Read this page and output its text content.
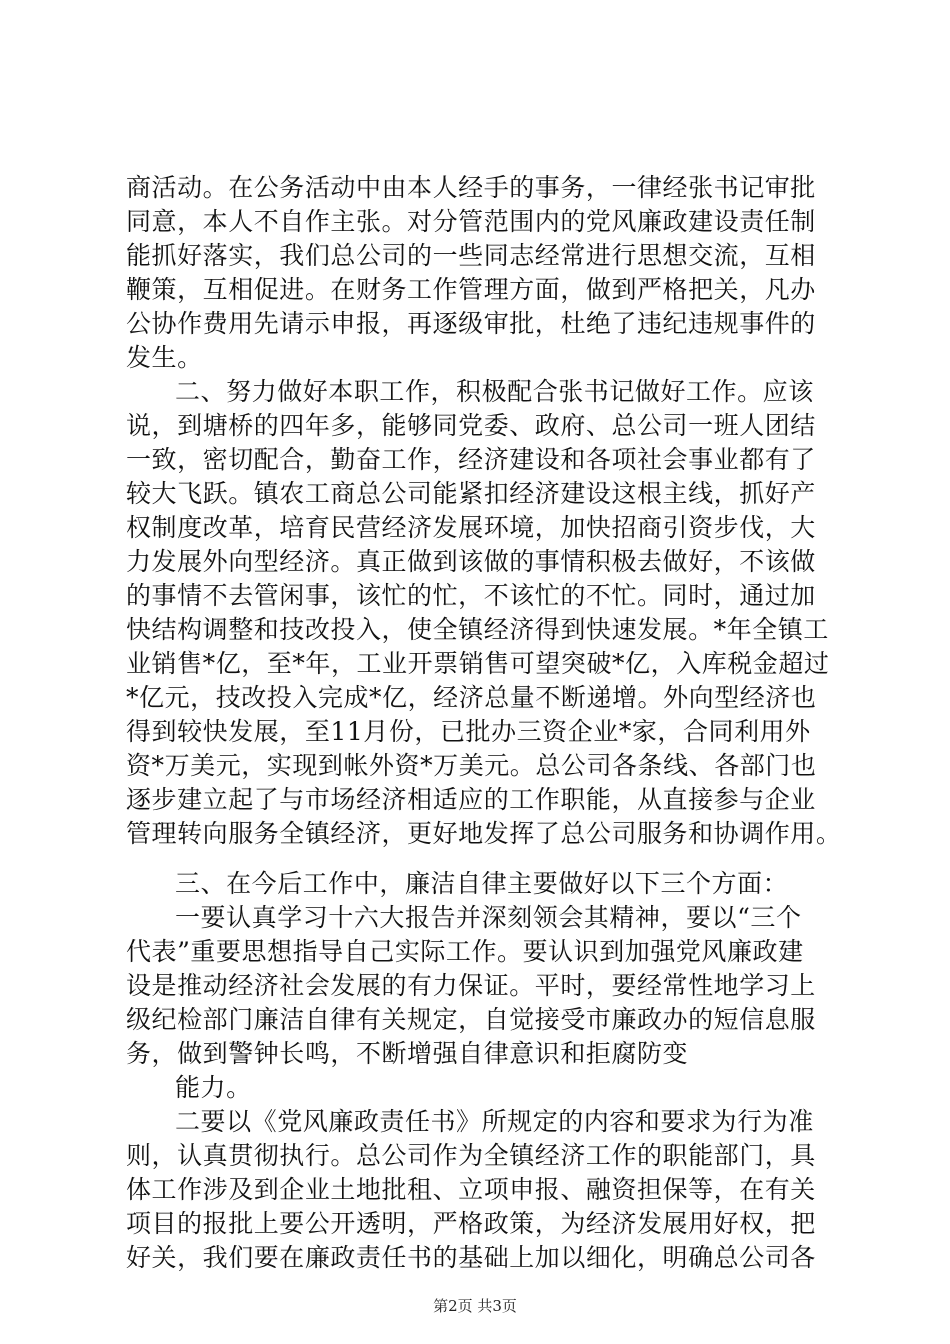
商活动。在公务活动中由本人经手的事务，一律经张书记审批
同意，本人不自作主张。对分管范围内的党风廉政建设责任制
能抓好落实，我们总公司的一些同志经常进行思想交流，互相
鞭策，互相促进。在财务工作管理方面，做到严格把关，凡办
公协作费用先请示申报，再逐级审批，杜绝了违纪违规事件的
发生。
二、努力做好本职工作，积极配合张书记做好工作。应该
说，到塘桥的四年多，能够同党委、政府、总公司一班人团结
一致，密切配合，勤奋工作，经济建设和各项社会事业都有了
较大飞跃。镇农工商总公司能紧扣经济建设这根主线，抓好产
权制度改革，培育民营经济发展环境，加快招商引资步伐，大
力发展外向型经济。真正做到该做的事情积极去做好，不该做
的事情不去管闲事，该忙的忙，不该忙的不忙。同时，通过加
快结构调整和技改投入，使全镇经济得到快速发展。*年全镇工
业销售*亿，至*年，工业开票销售可望突破*亿，入库税金超过
*亿元，技改投入完成*亿，经济总量不断递增。外向型经济也
得到较快发展，至11月份，已批办三资企业*家，合同利用外
资*万美元，实现到帐外资*万美元。总公司各条线、各部门也
逐步建立起了与市场经济相适应的工作职能，从直接参与企业
管理转向服务全镇经济，更好地发挥了总公司服务和协调作用。
三、在今后工作中，廉洁自律主要做好以下三个方面：
一要认真学习十六大报告并深刻领会其精神，要以“三个
代表”重要思想指导自己实际工作。要认识到加强党风廉政建
设是推动经济社会发展的有力保证。平时，要经常性地学习上
级纪检部门廉洁自律有关规定，自觉接受市廉政办的短信息服
务，做到警钟长鸣，不断增强自律意识和拒腐防变
能力。
二要以《党风廉政责任书》所规定的内容和要求为行为准
则，认真贯彻执行。总公司作为全镇经济工作的职能部门，具
体工作涉及到企业土地批租、立项申报、融资担保等，在有关
项目的报批上要公开透明，严格政策，为经济发展用好权，把
好关，我们要在廉政责任书的基础上加以细化，明确总公司各
第2页 共3页
